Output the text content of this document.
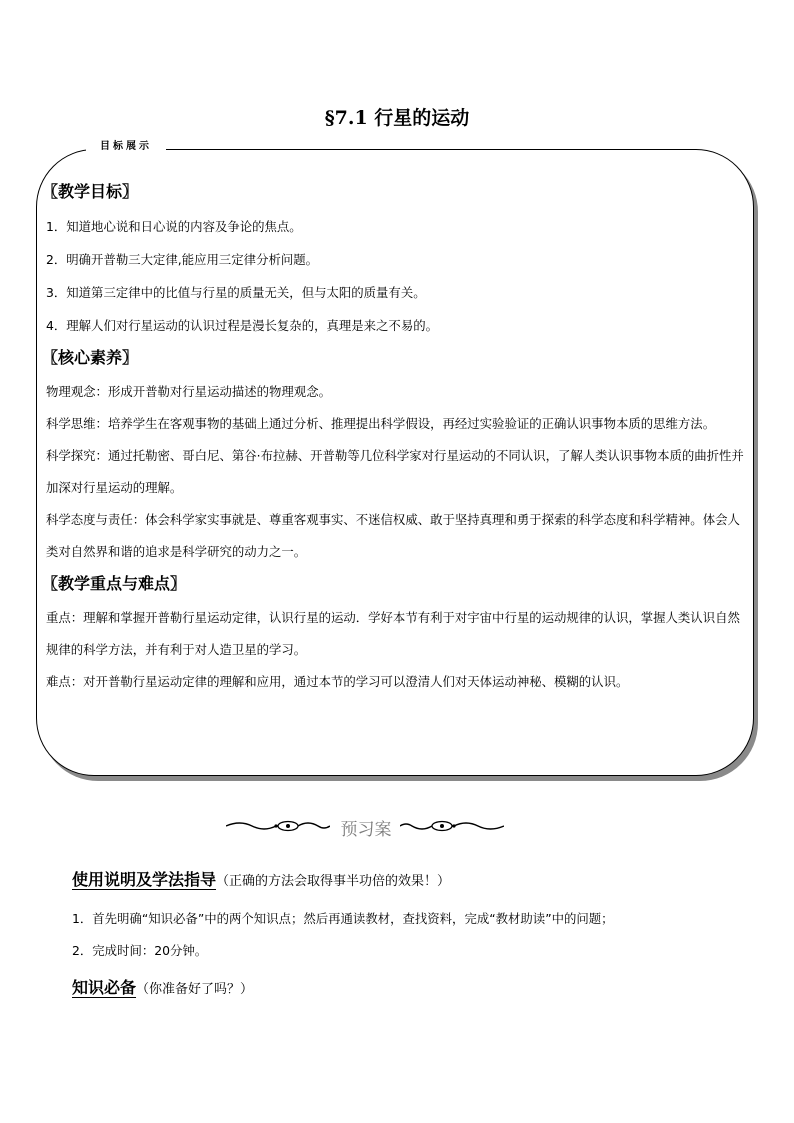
§7.1 行星的运动
目标展示
〖教学目标〗
1．知道地心说和日心说的内容及争论的焦点。
2．明确开普勒三大定律,能应用三定律分析问题。
3．知道第三定律中的比值与行星的质量无关，但与太阳的质量有关。
4．理解人们对行星运动的认识过程是漫长复杂的，真理是来之不易的。
〖核心素养〗
物理观念：形成开普勒对行星运动描述的物理观念。
科学思维：培养学生在客观事物的基础上通过分析、推理提出科学假设，再经过实验验证的正确认识事物本质的思维方法。
科学探究：通过托勒密、哥白尼、第谷·布拉赫、开普勒等几位科学家对行星运动的不同认识，了解人类认识事物本质的曲折性并加深对行星运动的理解。
科学态度与责任：体会科学家实事就是、尊重客观事实、不迷信权威、敢于坚持真理和勇于探索的科学态度和科学精神。体会人类对自然界和谐的追求是科学研究的动力之一。
〖教学重点与难点〗
重点：理解和掌握开普勒行星运动定律，认识行星的运动．学好本节有利于对宇宙中行星的运动规律的认识，掌握人类认识自然规律的科学方法，并有利于对人造卫星的学习。
难点：对开普勒行星运动定律的理解和应用，通过本节的学习可以澄清人们对天体运动神秘、模糊的认识。
预习案
使用说明及学法指导（正确的方法会取得事半功倍的效果！）
1．首先明确“知识必备”中的两个知识点；然后再通读教材，查找资料，完成“教材助读”中的问题；
2．完成时间：20分钟。
知识必备（你准备好了吗？）
